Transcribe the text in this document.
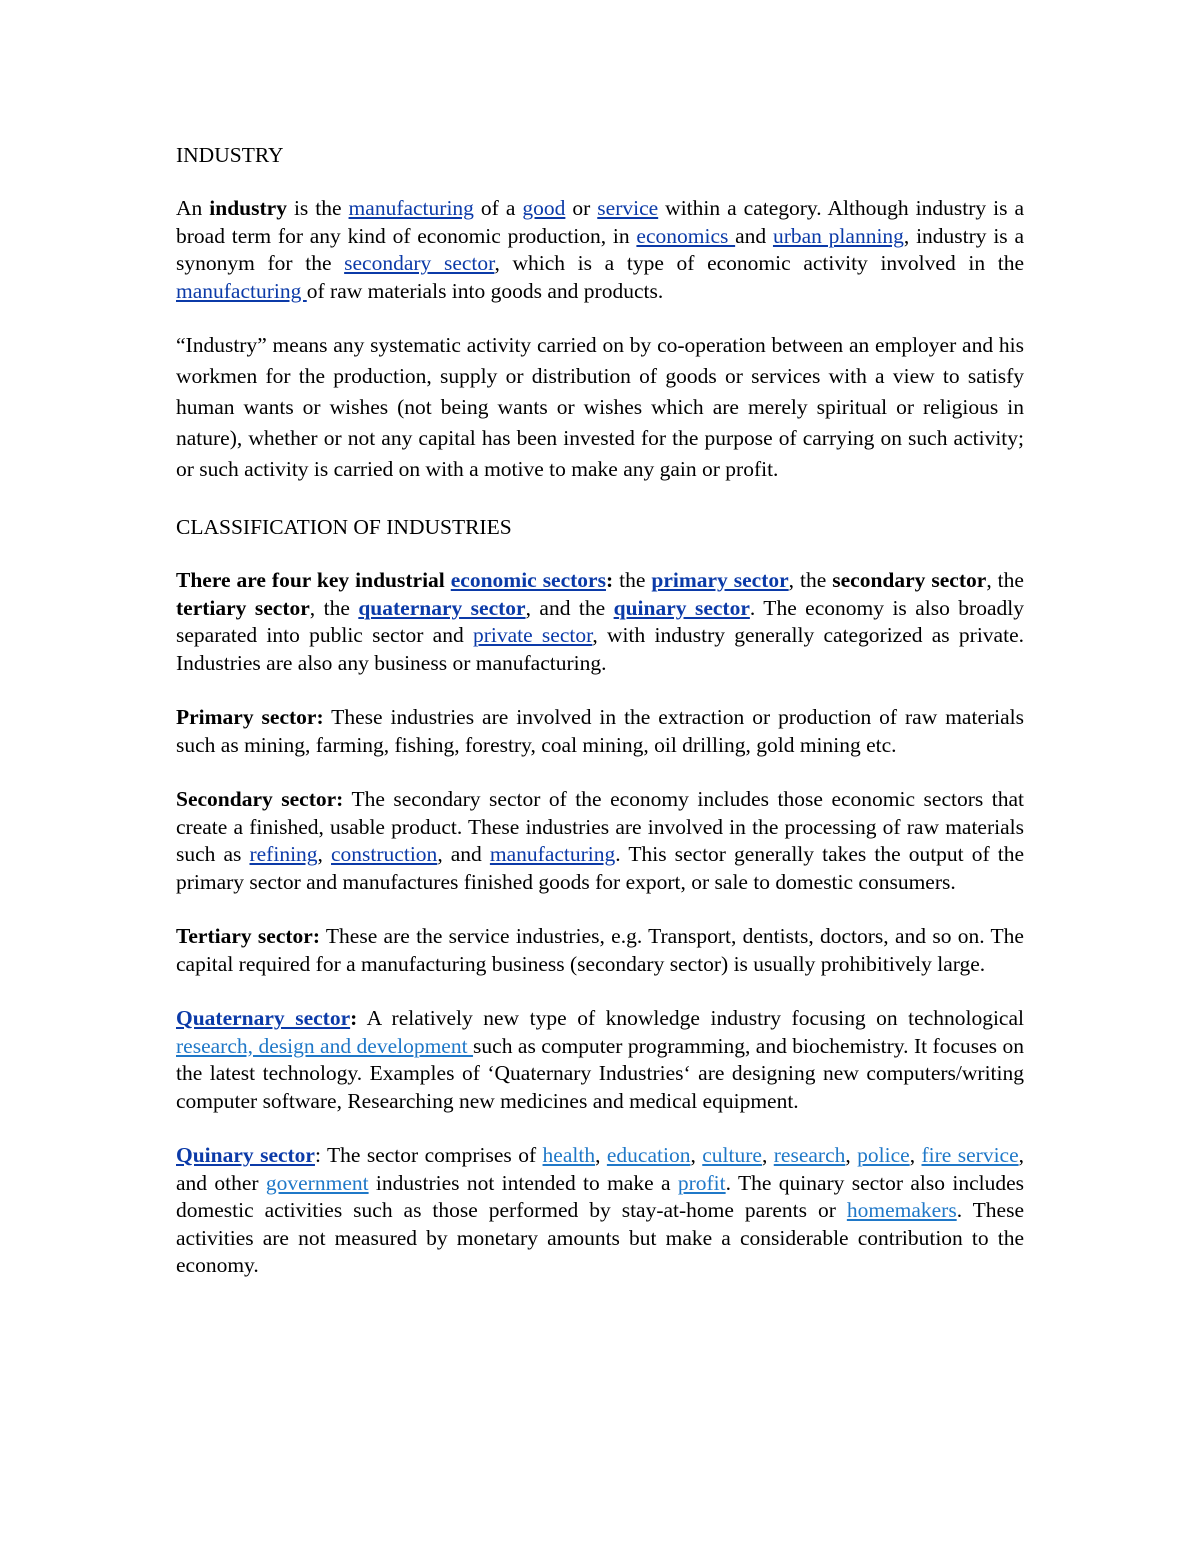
INDUSTRY

An industry is the manufacturing of a good or service within a category. Although industry is a broad term for any kind of economic production, in economics and urban planning, industry is a synonym for the secondary sector, which is a type of economic activity involved in the manufacturing of raw materials into goods and products.

“Industry” means any systematic activity carried on by co-operation between an employer and his workmen for the production, supply or distribution of goods or services with a view to satisfy human wants or wishes (not being wants or wishes which are merely spiritual or religious in nature), whether or not any capital has been invested for the purpose of carrying on such activity; or such activity is carried on with a motive to make any gain or profit.

CLASSIFICATION OF INDUSTRIES

There are four key industrial economic sectors: the primary sector, the secondary sector, the tertiary sector, the quaternary sector, and the quinary sector. The economy is also broadly separated into public sector and private sector, with industry generally categorized as private. Industries are also any business or manufacturing.

Primary sector: These industries are involved in the extraction or production of raw materials such as mining, farming, fishing, forestry, coal mining, oil drilling, gold mining etc.

Secondary sector: The secondary sector of the economy includes those economic sectors that create a finished, usable product. These industries are involved in the processing of raw materials such as refining, construction, and manufacturing. This sector generally takes the output of the primary sector and manufactures finished goods for export, or sale to domestic consumers.

Tertiary sector: These are the service industries, e.g. Transport, dentists, doctors, and so on. The capital required for a manufacturing business (secondary sector) is usually prohibitively large.

Quaternary sector: A relatively new type of knowledge industry focusing on technological research, design and development such as computer programming, and biochemistry. It focuses on the latest technology. Examples of ‘Quaternary Industries‘ are designing new computers/writing computer software, Researching new medicines and medical equipment.

Quinary sector: The sector comprises of health, education, culture, research, police, fire service, and other government industries not intended to make a profit. The quinary sector also includes domestic activities such as those performed by stay-at-home parents or homemakers. These activities are not measured by monetary amounts but make a considerable contribution to the economy.
